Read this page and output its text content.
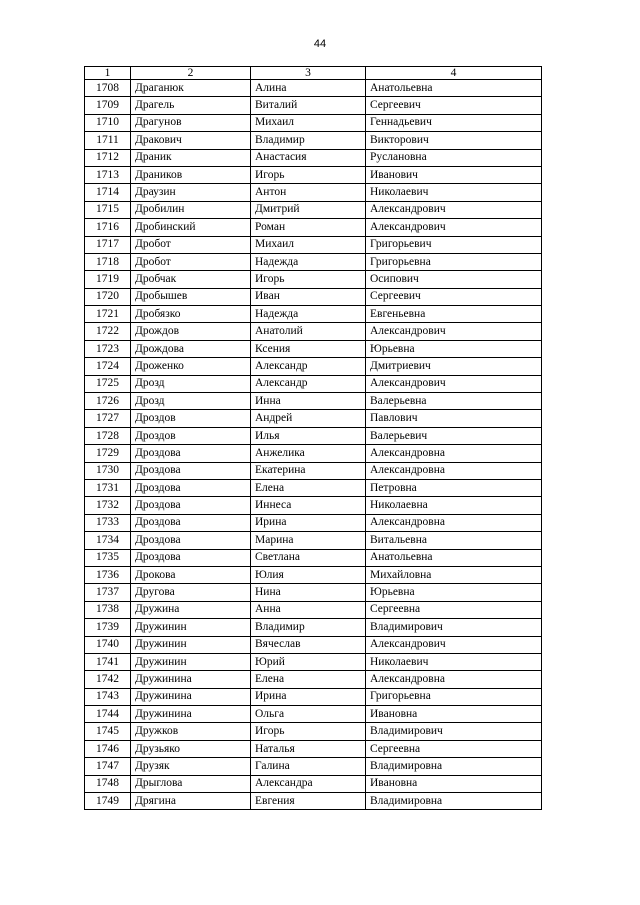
44
1	2	3	4
1708	Драганюк	Алина	Анатольевна
1709	Драгель	Виталий	Сергеевич
1710	Драгунов	Михаил	Геннадьевич
1711	Дракович	Владимир	Викторович
1712	Драник	Анастасия	Руслановна
1713	Драников	Игорь	Иванович
1714	Драузин	Антон	Николаевич
1715	Дробилин	Дмитрий	Александрович
1716	Дробинский	Роман	Александрович
1717	Дробот	Михаил	Григорьевич
1718	Дробот	Надежда	Григорьевна
1719	Дробчак	Игорь	Осипович
1720	Дробышев	Иван	Сергеевич
1721	Дробязко	Надежда	Евгеньевна
1722	Дрождов	Анатолий	Александрович
1723	Дрождова	Ксения	Юрьевна
1724	Дроженко	Александр	Дмитриевич
1725	Дрозд	Александр	Александрович
1726	Дрозд	Инна	Валерьевна
1727	Дроздов	Андрей	Павлович
1728	Дроздов	Илья	Валерьевич
1729	Дроздова	Анжелика	Александровна
1730	Дроздова	Екатерина	Александровна
1731	Дроздова	Елена	Петровна
1732	Дроздова	Иннеса	Николаевна
1733	Дроздова	Ирина	Александровна
1734	Дроздова	Марина	Витальевна
1735	Дроздова	Светлана	Анатольевна
1736	Дрокова	Юлия	Михайловна
1737	Другова	Нина	Юрьевна
1738	Дружина	Анна	Сергеевна
1739	Дружинин	Владимир	Владимирович
1740	Дружинин	Вячеслав	Александрович
1741	Дружинин	Юрий	Николаевич
1742	Дружинина	Елена	Александровна
1743	Дружинина	Ирина	Григорьевна
1744	Дружинина	Ольга	Ивановна
1745	Дружков	Игорь	Владимирович
1746	Друзьяко	Наталья	Сергеевна
1747	Друзяк	Галина	Владимировна
1748	Дрыглова	Александра	Ивановна
1749	Дрягина	Евгения	Владимировна
